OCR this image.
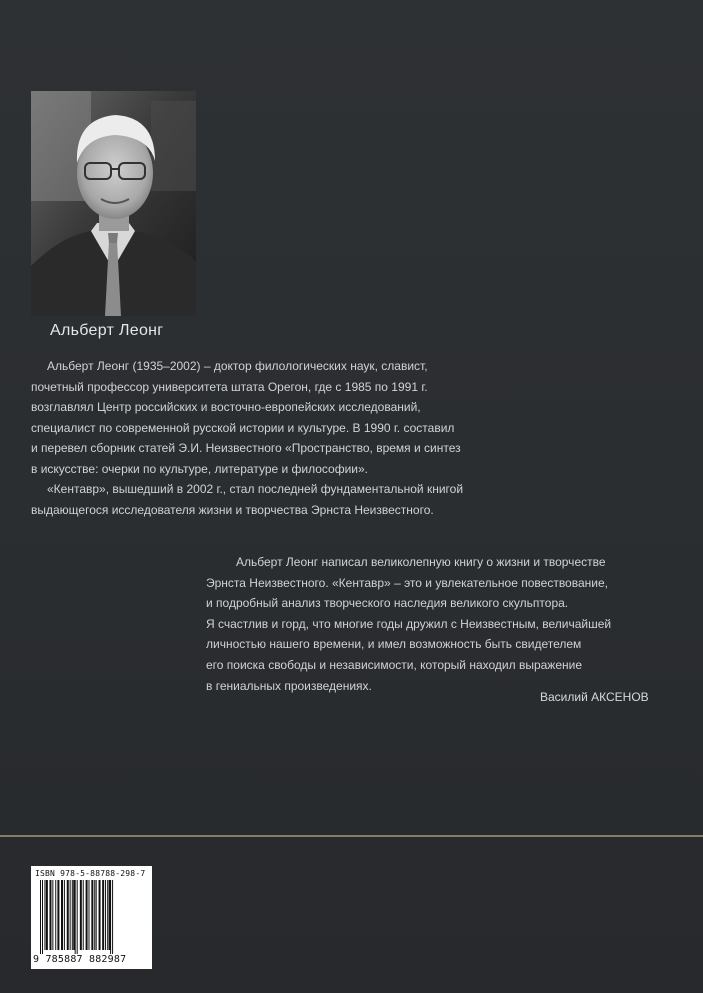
Альберт Леонг
Альберт Леонг (1935–2002) – доктор филологических наук, славист,
почетный профессор университета штата Орегон, где с 1985 по 1991 г.
возглавлял Центр российских и восточно-европейских исследований,
специалист по современной русской истории и культуре. В 1990 г. составил
и перевел сборник статей Э.И. Неизвестного «Пространство, время и синтез
в искусстве: очерки по культуре, литературе и философии».
«Кентавр», вышедший в 2002 г., стал последней фундаментальной книгой
выдающегося исследователя жизни и творчества Эрнста Неизвестного.
Альберт Леонг написал великолепную книгу о жизни и творчестве
Эрнста Неизвестного. «Кентавр» – это и увлекательное повествование,
и подробный анализ творческого наследия великого скульптора.
Я счастлив и горд, что многие годы дружил с Неизвестным, величайшей
личностью нашего времени, и имел возможность быть свидетелем
его поиска свободы и независимости, который находил выражение
в гениальных произведениях.
Василий АКСЕНОВ
ISBN 978-5-88788-298-7
9 785887 882987
